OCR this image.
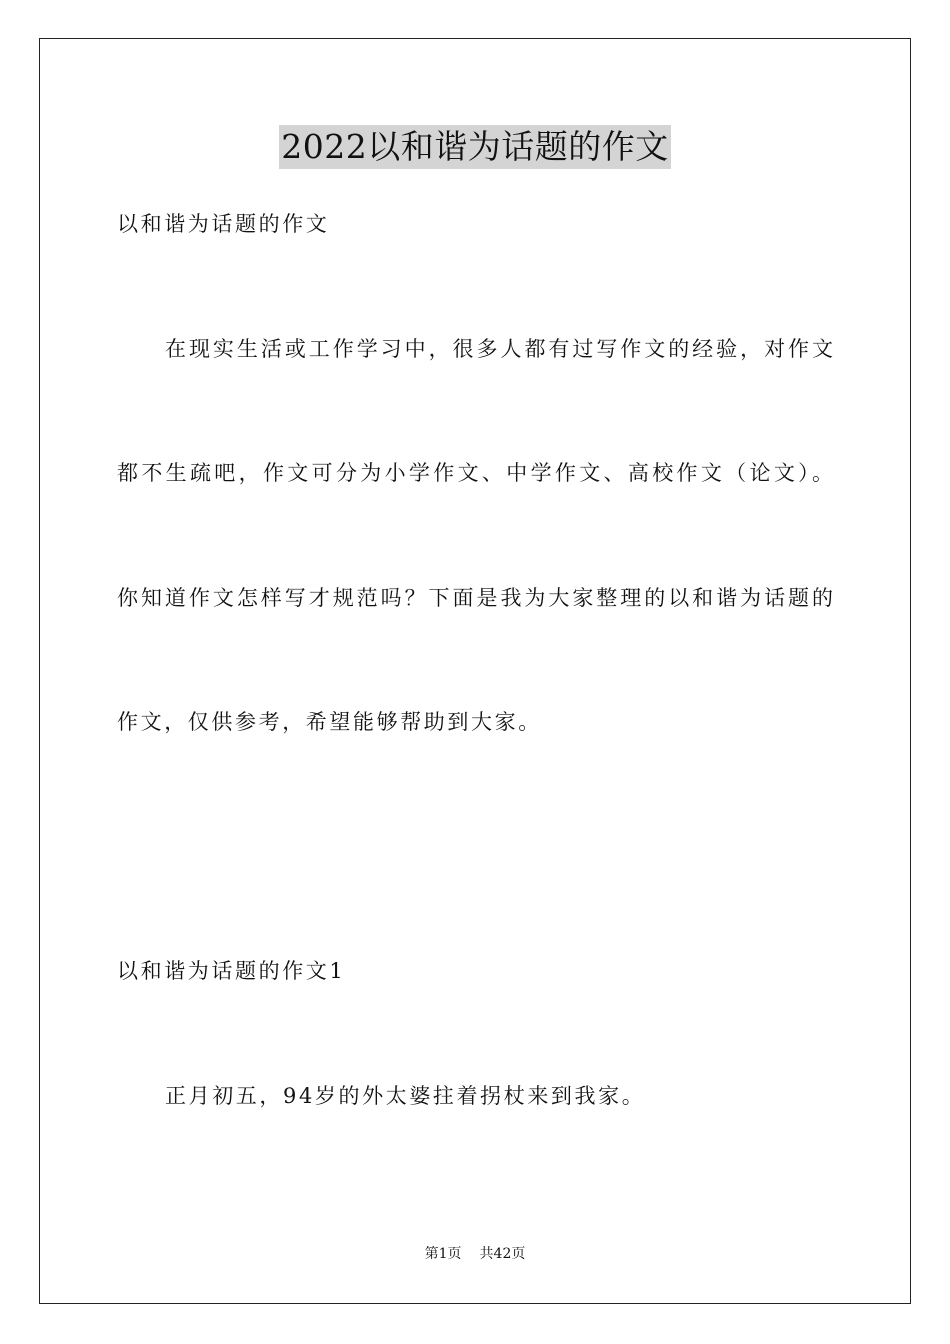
2022以和谐为话题的作文
以和谐为话题的作文
在现实生活或工作学习中，很多人都有过写作文的经验，对作文
都不生疏吧，作文可分为小学作文、中学作文、高校作文（论文）。
你知道作文怎样写才规范吗？下面是我为大家整理的以和谐为话题的
作文，仅供参考，希望能够帮助到大家。
以和谐为话题的作文1
正月初五，94岁的外太婆拄着拐杖来到我家。
第1页 共42页
